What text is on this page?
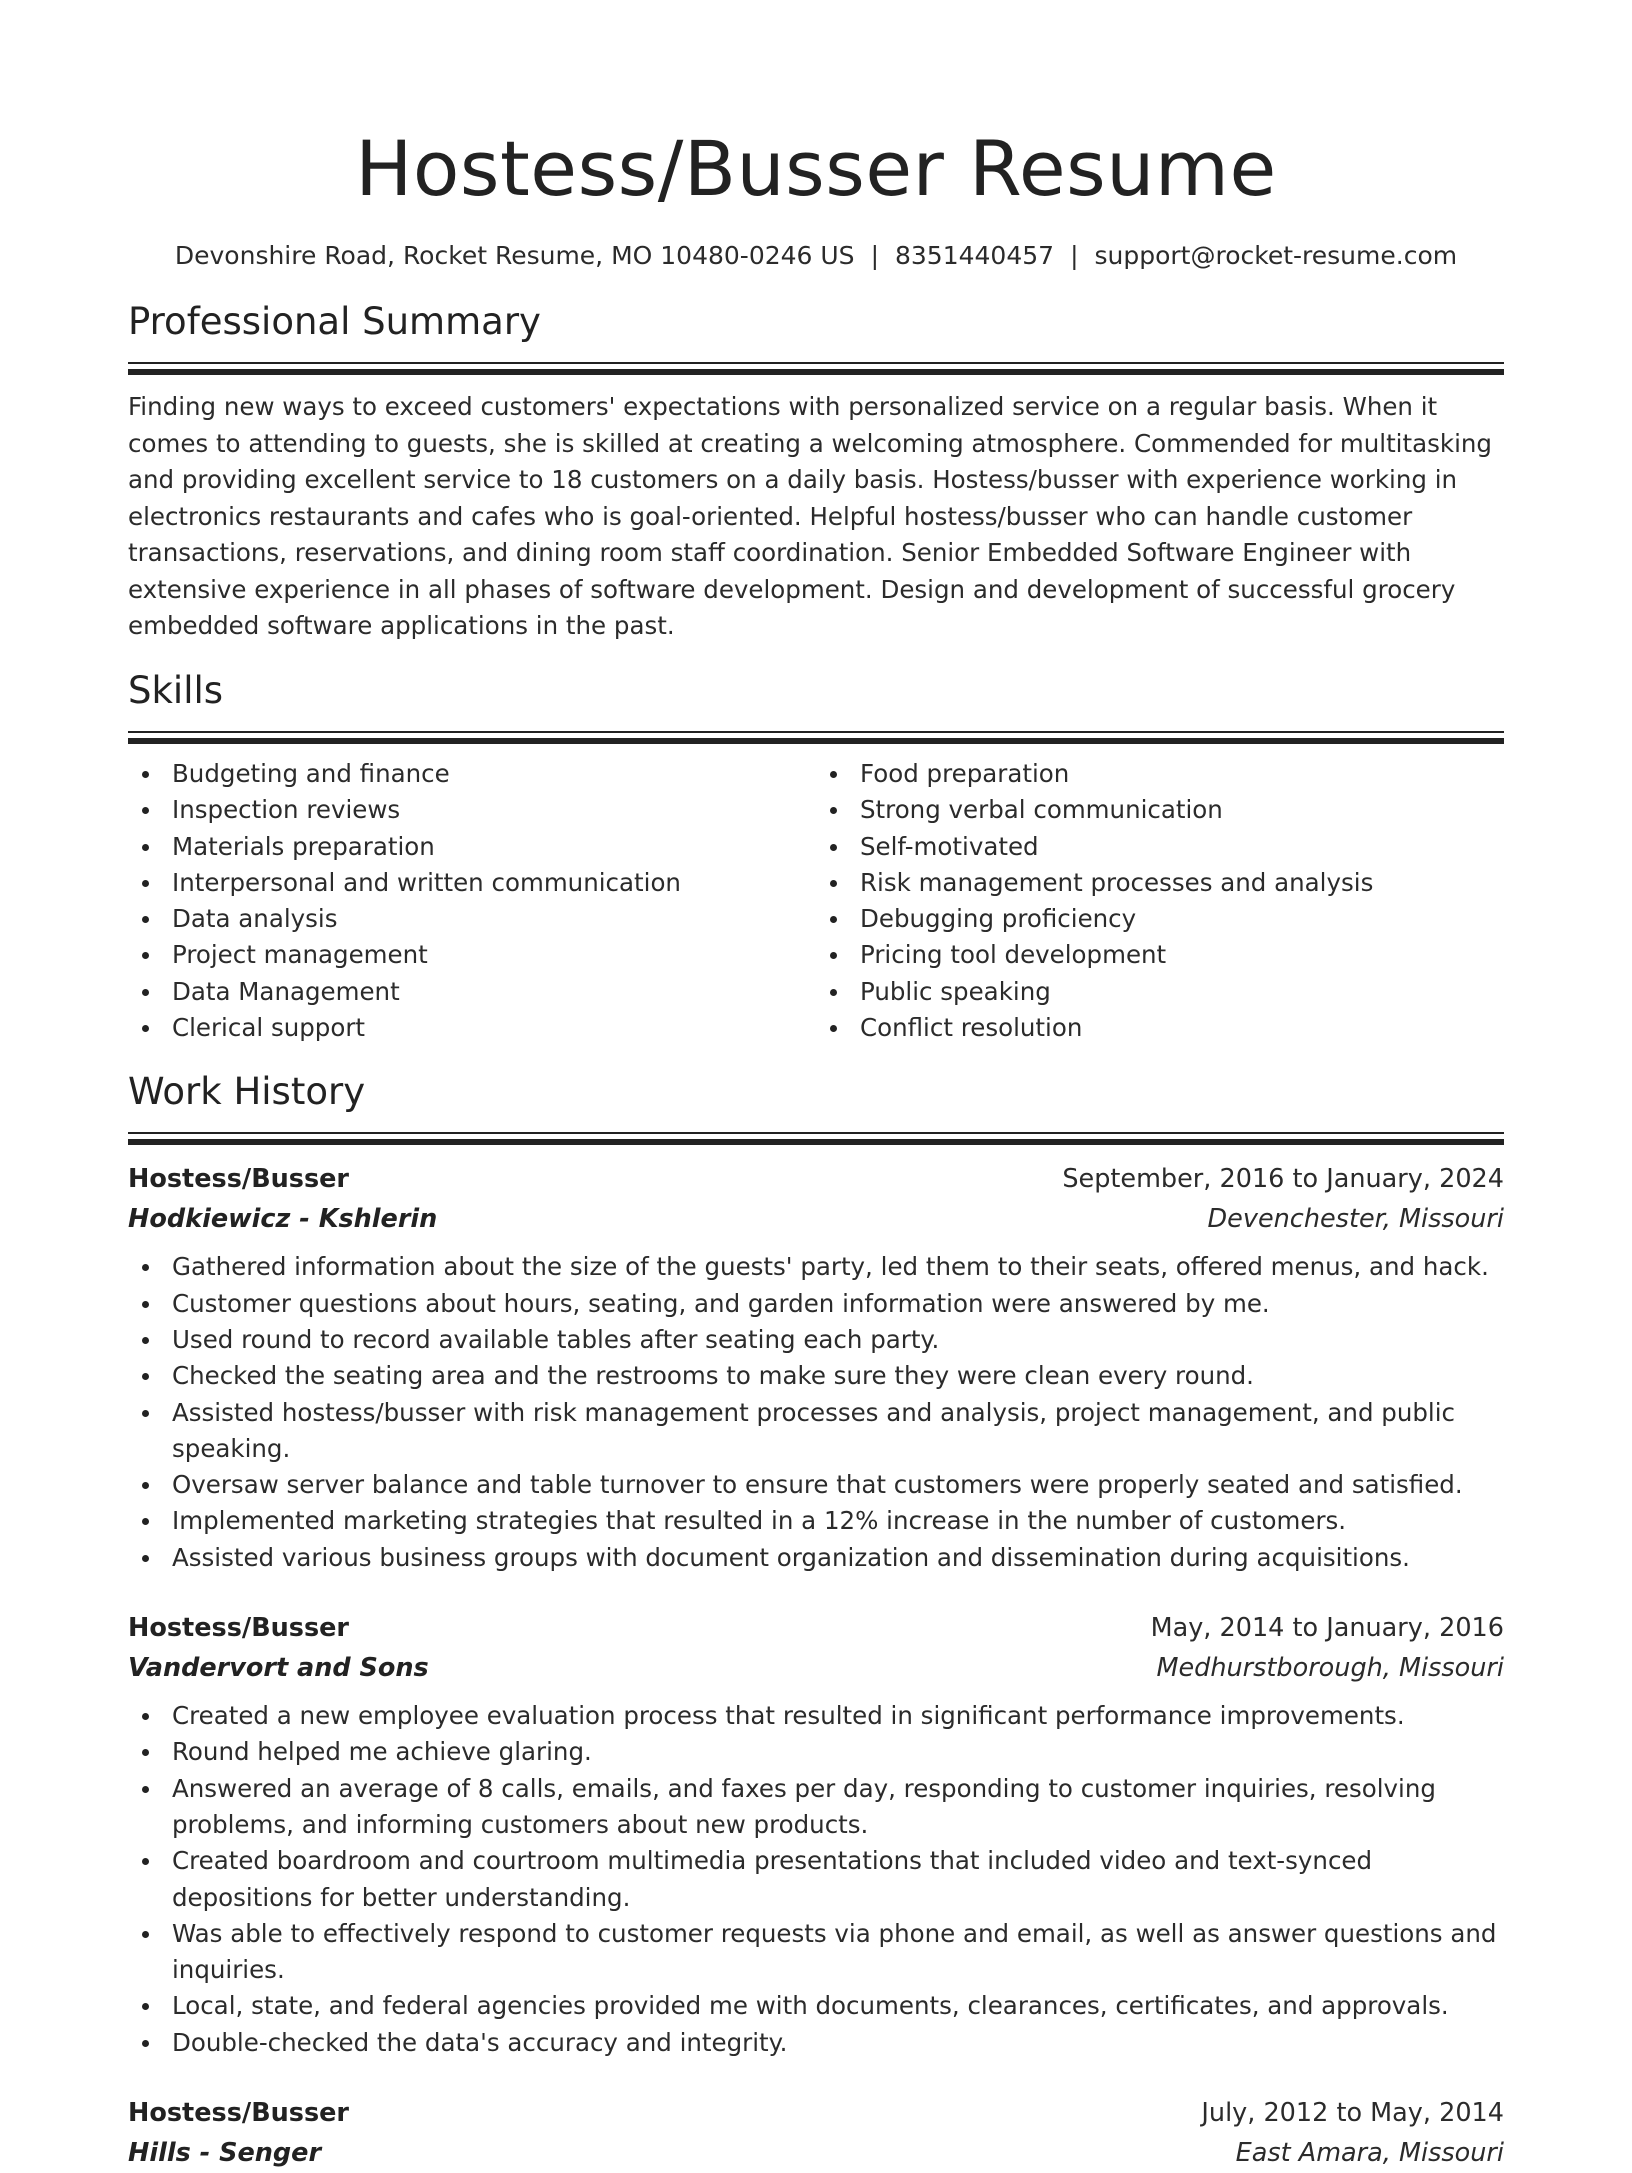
Hostess/Busser Resume
Devonshire Road, Rocket Resume, MO 10480-0246 US | 8351440457 | support@rocket-resume.com
Professional Summary

Finding new ways to exceed customers' expectations with personalized service on a regular basis. When it comes to attending to guests, she is skilled at creating a welcoming atmosphere. Commended for multitasking and providing excellent service to 18 customers on a daily basis. Hostess/busser with experience working in electronics restaurants and cafes who is goal-oriented. Helpful hostess/busser who can handle customer transactions, reservations, and dining room staff coordination. Senior Embedded Software Engineer with extensive experience in all phases of software development. Design and development of successful grocery embedded software applications in the past.

Skills
Budgeting and finance
Inspection reviews
Materials preparation
Interpersonal and written communication
Data analysis
Project management
Data Management
Clerical support
Food preparation
Strong verbal communication
Self-motivated
Risk management processes and analysis
Debugging proficiency
Pricing tool development
Public speaking
Conflict resolution
Work History
Hostess/Busser	September, 2016 to January, 2024
Hodkiewicz - Kshlerin	Devenchester, Missouri
Gathered information about the size of the guests' party, led them to their seats, offered menus, and hack.
Customer questions about hours, seating, and garden information were answered by me.
Used round to record available tables after seating each party.
Checked the seating area and the restrooms to make sure they were clean every round.
Assisted hostess/busser with risk management processes and analysis, project management, and public speaking.
Oversaw server balance and table turnover to ensure that customers were properly seated and satisfied.
Implemented marketing strategies that resulted in a 12% increase in the number of customers.
Assisted various business groups with document organization and dissemination during acquisitions.
Hostess/Busser	May, 2014 to January, 2016
Vandervort and Sons	Medhurstborough, Missouri
Created a new employee evaluation process that resulted in significant performance improvements.
Round helped me achieve glaring.
Answered an average of 8 calls, emails, and faxes per day, responding to customer inquiries, resolving problems, and informing customers about new products.
Created boardroom and courtroom multimedia presentations that included video and text-synced depositions for better understanding.
Was able to effectively respond to customer requests via phone and email, as well as answer questions and inquiries.
Local, state, and federal agencies provided me with documents, clearances, certificates, and approvals.
Double-checked the data's accuracy and integrity.
Hostess/Busser	July, 2012 to May, 2014
Hills - Senger	East Amara, Missouri
